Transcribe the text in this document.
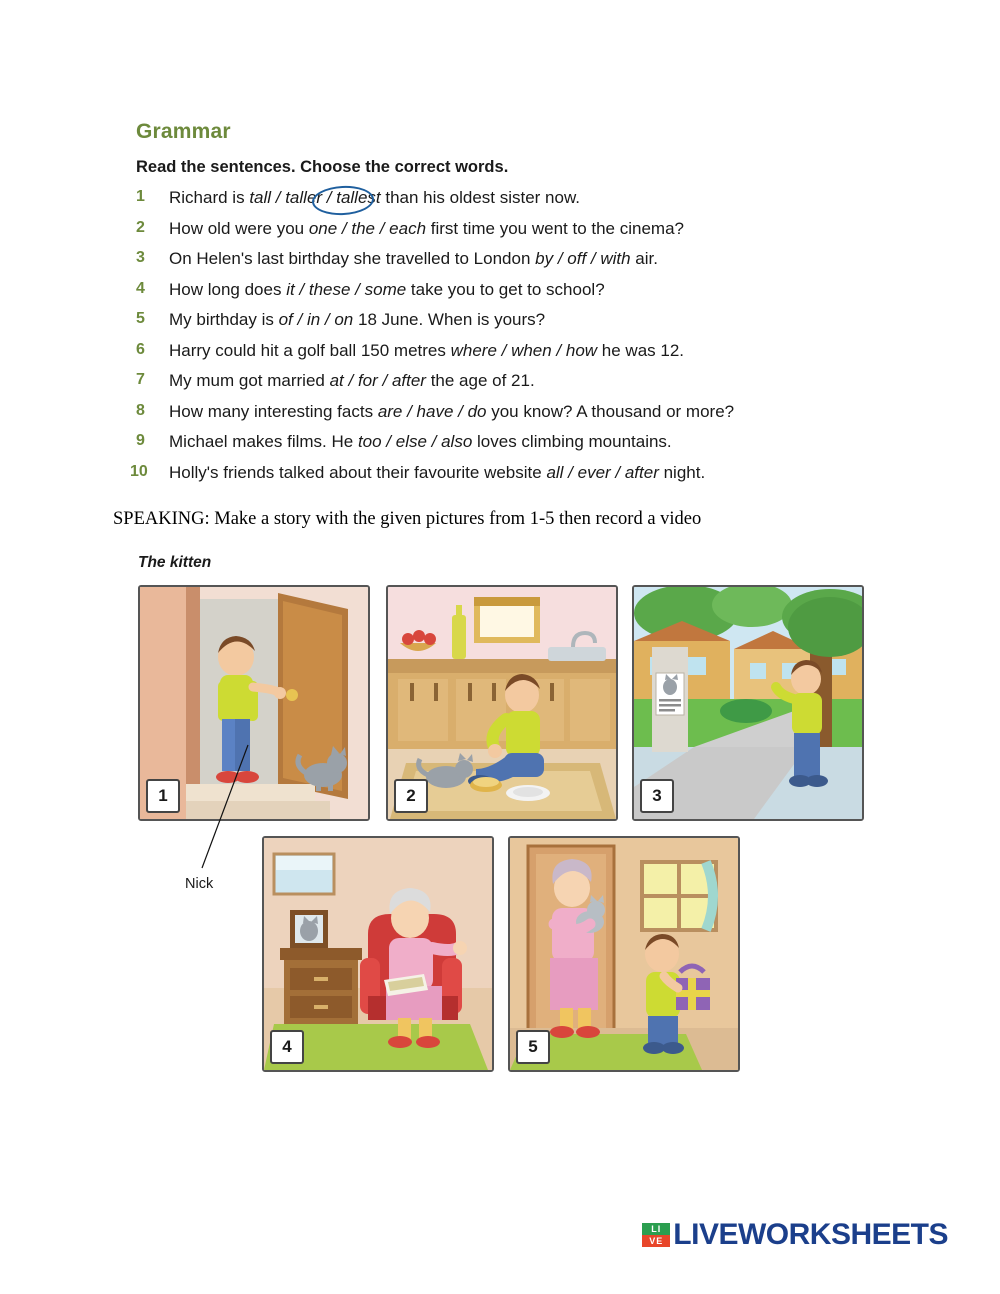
Grammar
Read the sentences. Choose the correct words.
1	Richard is tall / taller / tallest than his oldest sister now.
2	How old were you one / the / each first time you went to the cinema?
3	On Helen's last birthday she travelled to London by / off / with air.
4	How long does it / these / some take you to get to school?
5	My birthday is of / in / on 18 June. When is yours?
6	Harry could hit a golf ball 150 metres where / when / how he was 12.
7	My mum got married at / for / after the age of 21.
8	How many interesting facts are / have / do you know? A thousand or more?
9	Michael makes films. He too / else / also loves climbing mountains.
10	Holly's friends talked about their favourite website all / ever / after night.
SPEAKING: Make a story with the given pictures from 1-5 then record a video
The kitten
1	2	3
4	5
Nick
LI
VE LIVEWORKSHEETS
